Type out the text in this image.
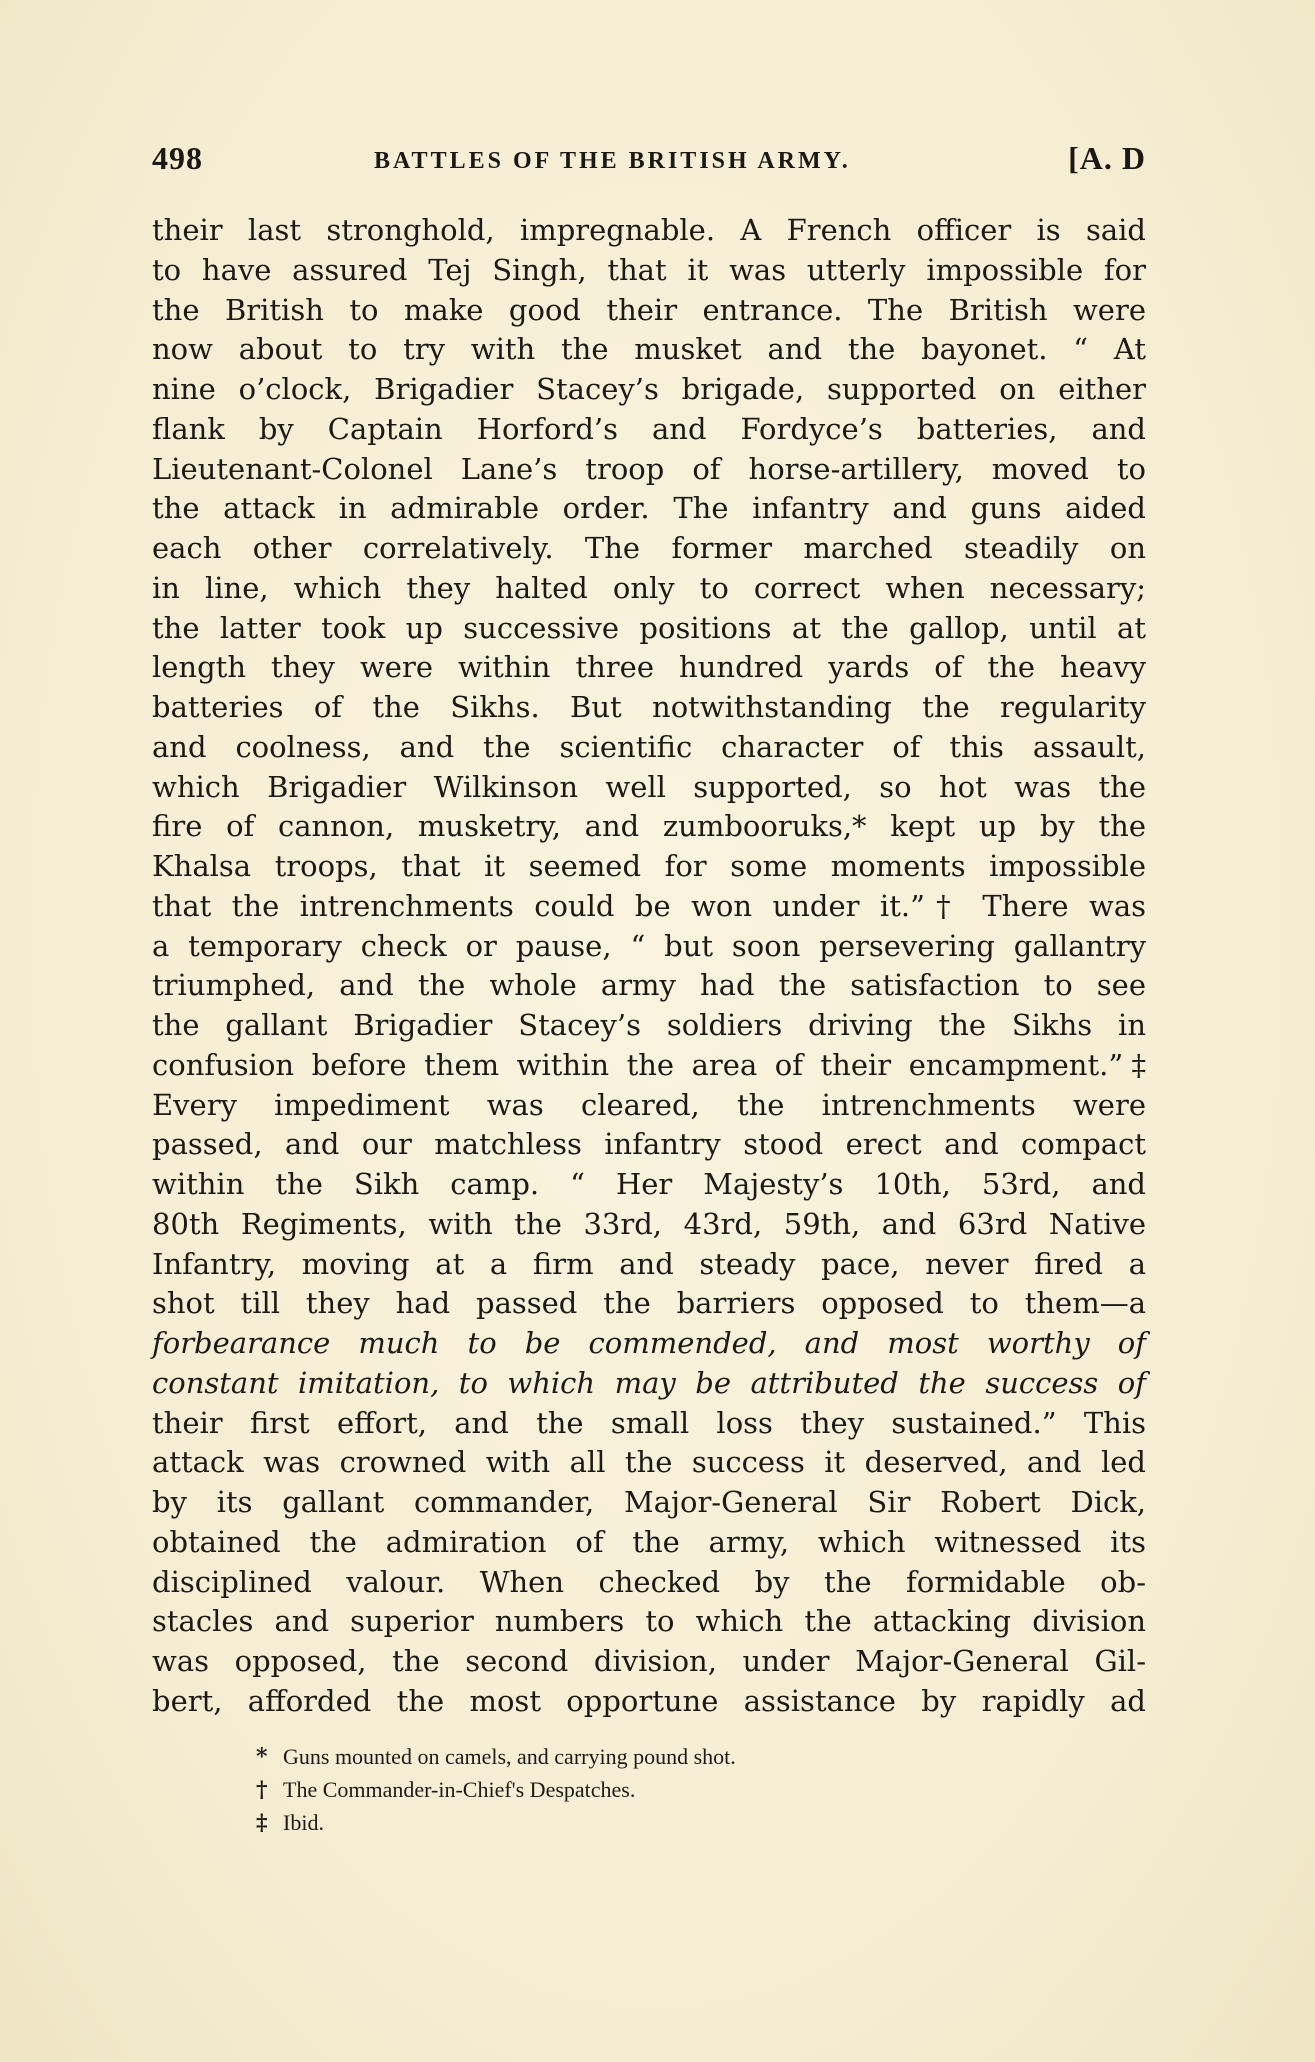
498	BATTLES OF THE BRITISH ARMY.	[A. D
their last stronghold, impregnable. A French officer is said
to have assured Tej Singh, that it was utterly impossible for
the British to make good their entrance. The British were
now about to try with the musket and the bayonet. “ At
nine o’clock, Brigadier Stacey’s brigade, supported on either
flank by Captain Horford’s and Fordyce’s batteries, and
Lieutenant-Colonel Lane’s troop of horse-artillery, moved to
the attack in admirable order. The infantry and guns aided
each other correlatively. The former marched steadily on
in line, which they halted only to correct when necessary;
the latter took up successive positions at the gallop, until at
length they were within three hundred yards of the heavy
batteries of the Sikhs. But notwithstanding the regularity
and coolness, and the scientific character of this assault,
which Brigadier Wilkinson well supported, so hot was the
fire of cannon, musketry, and zumbooruks,* kept up by the
Khalsa troops, that it seemed for some moments impossible
that the intrenchments could be won under it.”† There was
a temporary check or pause, “ but soon persevering gallantry
triumphed, and the whole army had the satisfaction to see
the gallant Brigadier Stacey’s soldiers driving the Sikhs in
confusion before them within the area of their encampment.”‡
Every impediment was cleared, the intrenchments were
passed, and our matchless infantry stood erect and compact
within the Sikh camp. “ Her Majesty’s 10th, 53rd, and
80th Regiments, with the 33rd, 43rd, 59th, and 63rd Native
Infantry, moving at a firm and steady pace, never fired a
shot till they had passed the barriers opposed to them—a
forbearance much to be commended, and most worthy of
constant imitation, to which may be attributed the success of
their first effort, and the small loss they sustained.” This
attack was crowned with all the success it deserved, and led
by its gallant commander, Major-General Sir Robert Dick,
obtained the admiration of the army, which witnessed its
disciplined valour. When checked by the formidable ob-
stacles and superior numbers to which the attacking division
was opposed, the second division, under Major-General Gil-
bert, afforded the most opportune assistance by rapidly ad
* Guns mounted on camels, and carrying pound shot.
† The Commander-in-Chief's Despatches.
‡ Ibid.
